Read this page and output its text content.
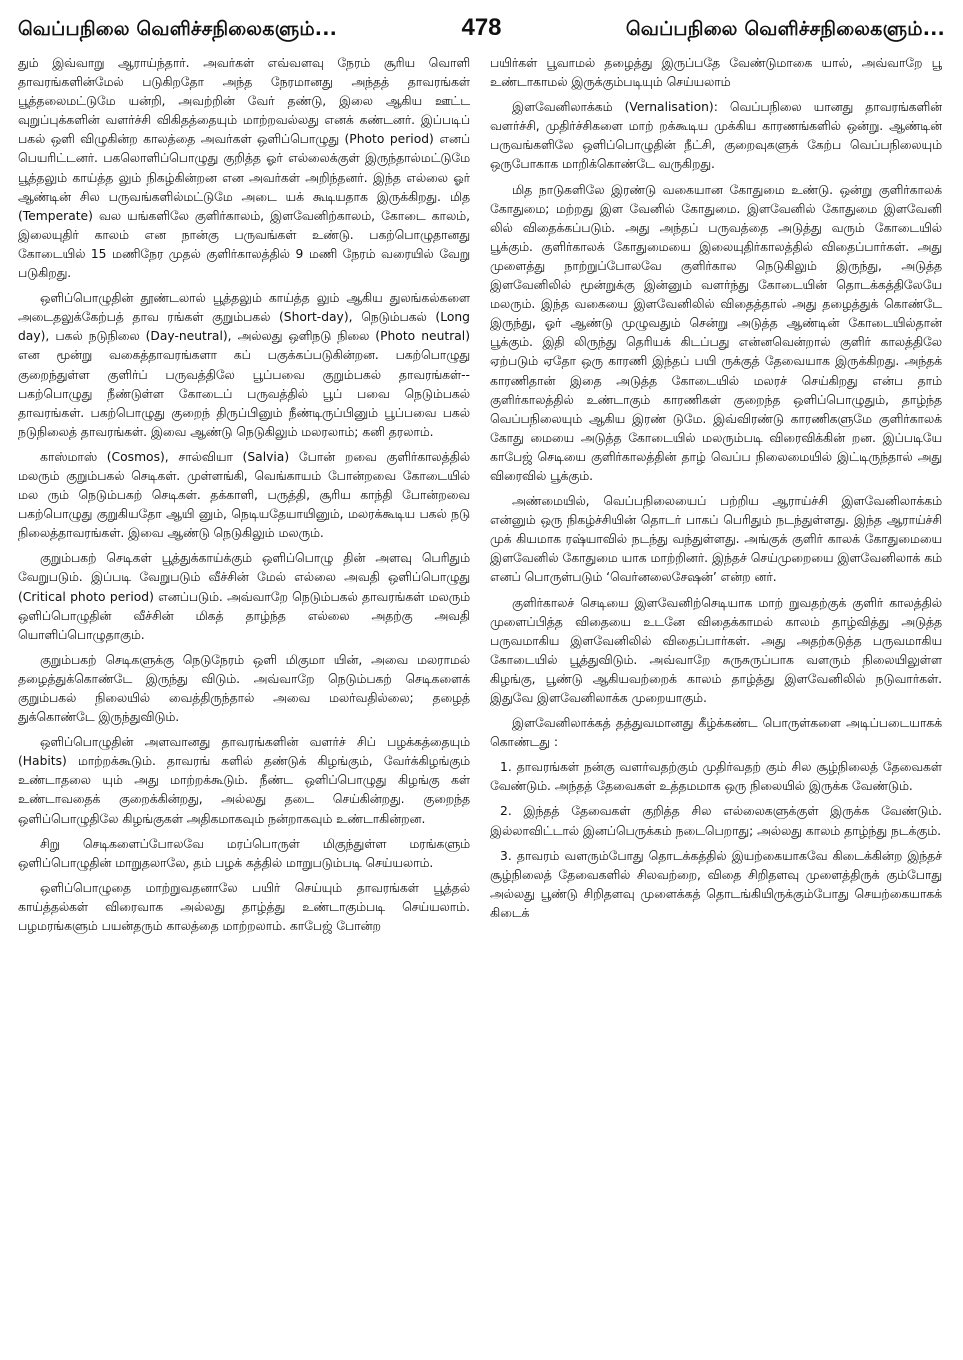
வெப்பநிலை வெளிச்சநிலைகளும்...	478	வெப்பநிலை வெளிச்சநிலைகளும்...

தும் இவ்வாறு ஆராய்ந்தார். அவர்கள் எவ்வளவு நேரம் சூரிய வொளி தாவரங்களின்மேல் படுகிறதோ அந்த நேரமானது அந்தத் தாவரங்கள் பூத்தலைமட்டுமே யன்றி, அவற்றின் வேர் தண்டு, இலை ஆகிய ஊட்ட வுறுப்புக்களின் வளர்ச்சி விகிதத்தையும் மாற்றவல்லது எனக் கண்டனர். இப்படிப் பகல் ஒளி விழுகின்ற காலத்தை அவர்கள் ஒளிப்பொழுது (Photo period) எனப் பெயரிட்டனர். பகலொளிப்பொழுது குறித்த ஓர் எல்லைக்குள் இருந்தால்மட்டுமே பூத்தலும் காய்த்த லும் நிகழ்கின்றன என அவர்கள் அறிந்தனர். இந்த எல்லை ஓர் ஆண்டின் சில பருவங்களில்மட்டுமே அடை யக் கூடியதாக இருக்கிறது. மித (Temperate) வல யங்களிலே குளிர்காலம், இளவேனிற்காலம், கோடை காலம், இலையுதிர் காலம் என நான்கு பருவங்கள் உண்டு. பகற்பொழுதானது கோடையில் 15 மணிநேர முதல் குளிர்காலத்தில் 9 மணி நேரம் வரையில் வேறு படுகிறது.

ஒளிப்பொழுதின் தூண்டலால் பூத்தலும் காய்த்த லும் ஆகிய துலங்கல்களை அடைதலுக்கேற்பத் தாவ ரங்கள் குறும்பகல் (Short-day), நெடும்பகல் (Long day), பகல் நடுநிலை (Day-neutral), அல்லது ஒளிநடு நிலை (Photo neutral) என மூன்று வகைத்தாவரங்களா கப் பகுக்கப்படுகின்றன. பகற்பொழுது குறைந்துள்ள குளிர்ப் பருவத்திலே பூப்பவை குறும்பகல் தாவரங்கள்-- பகற்பொழுது நீண்டுள்ள கோடைப் பருவத்தில் பூப் பவை நெடும்பகல் தாவரங்கள். பகற்பொழுது குறைந் திருப்பினும் நீண்டிருப்பினும் பூப்பவை பகல் நடுநிலைத் தாவரங்கள். இவை ஆண்டு நெடுகிலும் மலரலாம்; கனி தரலாம்.

காஸ்மாஸ் (Cosmos), சால்வியா (Salvia) போன் றவை குளிர்காலத்தில் மலரும் குறும்பகல் செடிகள். முள்ளங்கி, வெங்காயம் போன்றவை கோடையில் மல ரும் நெடும்பகற் செடிகள். தக்காளி, பருத்தி, சூரிய காந்தி போன்றவை பகற்பொழுது குறுகியதோ ஆயி னும், நெடியதேயாயினும், மலரக்கூடிய பகல் நடு நிலைத்தாவரங்கள். இவை ஆண்டு நெடுகிலும் மலரும்.

குறும்பகற் செடிகள் பூத்துக்காய்க்கும் ஒளிப்பொழு தின் அளவு பெரிதும் வேறுபடும். இப்படி வேறுபடும் வீச்சின் மேல் எல்லை அவதி ஒளிப்பொழுது (Critical photo period) எனப்படும். அவ்வாறே நெடும்பகல் தாவரங்கள் மலரும் ஒளிப்பொழுதின் வீச்சின் மிகத் தாழ்ந்த எல்லை அதற்கு அவதி யொளிப்பொழுதாகும்.

குறும்பகற் செடிகளுக்கு நெடுநேரம் ஒளி மிகுமா யின், அவை மலராமல் தழைத்துக்கொண்டே இருந்து விடும். அவ்வாறே நெடும்பகற் செடிகளைக் குறும்பகல் நிலையில் வைத்திருந்தால் அவை மலர்வதில்லை; தழைத் துக்கொண்டே இருந்துவிடும்.

ஒளிப்பொழுதின் அளவானது தாவரங்களின் வளர்ச் சிப் பழக்கத்தையும் (Habits) மாற்றக்கூடும். தாவரங் களில் தண்டுக் கிழங்கும், வேர்க்கிழங்கும் உண்டாதலை யும் அது மாற்றக்கூடும். நீண்ட ஒளிப்பொழுது கிழங்கு கள் உண்டாவதைக் குறைக்கின்றது, அல்லது தடை செய்கின்றது. குறைந்த ஒளிப்பொழுதிலே கிழங்குகள் அதிகமாகவும் நன்றாகவும் உண்டாகின்றன.

சிறு செடிகளைப்போலவே மரப்பொருள் மிகுந்துள்ள மரங்களும் ஒளிப்பொழுதின் மாறுதலாலே, தம் பழக் கத்தில் மாறுபடும்படி செய்யலாம்.

ஒளிப்பொழுதை மாற்றுவதனாலே பயிர் செய்யும் தாவரங்கள் பூத்தல் காய்த்தல்கள் விரைவாக அல்லது தாழ்த்து உண்டாகும்படி செய்யலாம். பழமரங்களும் பயன்தரும் காலத்தை மாற்றலாம். காபேஜ் போன்ற

பயிர்கள் பூவாமல் தழைத்து இருப்பதே வேண்டுமாகை யால், அவ்வாறே பூ உண்டாகாமல் இருக்கும்படியும் செய்யலாம்

இளவேனிலாக்கம் (Vernalisation): வெப்பநிலை யானது தாவரங்களின் வளர்ச்சி, முதிர்ச்சிகளை மாற் றக்கூடிய முக்கிய காரணங்களில் ஒன்று. ஆண்டின் பருவங்களிலே ஒளிப்பொழுதின் நீட்சி, குறைவுகளுக் கேற்ப வெப்பநிலையும் ஒருபோகாக மாறிக்கொண்டே வருகிறது.

மித நாடுகளிலே இரண்டு வகையான கோதுமை உண்டு. ஒன்று குளிர்காலக் கோதுமை; மற்றது இள வேனில் கோதுமை. இளவேனில் கோதுமை இளவேனி லில் விதைக்கப்படும். அது அந்தப் பருவத்தை அடுத்து வரும் கோடையில் பூக்கும். குளிர்காலக் கோதுமையை இலையுதிர்காலத்தில் விதைப்பார்கள். அது முளைத்து நாற்றுப்போலவே குளிர்கால நெடுகிலும் இருந்து, அடுத்த இளவேனிலில் மூன்றுக்கு இன்னும் வளர்ந்து கோடையின் தொடக்கத்திலேயே மலரும். இந்த வகையை இளவேனிலில் விதைத்தால் அது தழைத்துக் கொண்டே இருந்து, ஓர் ஆண்டு முழுவதும் சென்று அடுத்த ஆண்டின் கோடையில்தான் பூக்கும். இதி லிருந்து தெரியக் கிடப்பது என்னவென்றால் குளிர் காலத்திலே ஏற்படும் ஏதோ ஒரு காரணி இந்தப் பயி ருக்குத் தேவையாக இருக்கிறது. அந்தக் காரணிதான் இதை அடுத்த கோடையில் மலரச் செய்கிறது என்ப தாம் குளிர்காலத்தில் உண்டாகும் காரணிகள் குறைந்த ஒளிப்பொழுதும், தாழ்ந்த வெப்பநிலையும் ஆகிய இரண் டுமே. இவ்விரண்டு காரணிகளுமே குளிர்காலக் கோது மையை அடுத்த கோடையில் மலரும்படி விரைவிக்கின் றன. இப்படியே காபேஜ் செடியை குளிர்காலத்தின் தாழ் வெப்ப நிலைமையில் இட்டிருந்தால் அது விரைவில் பூக்கும்.

அண்மையில், வெப்பநிலையைப் பற்றிய ஆராய்ச்சி இளவேனிலாக்கம் என்னும் ஒரு நிகழ்ச்சியின் தொடர் பாகப் பெரிதும் நடந்துள்ளது. இந்த ஆராய்ச்சி முக் கியமாக ரஷ்யாவில் நடந்து வந்துள்ளது. அங்குக் குளிர் காலக் கோதுமையை இளவேனில் கோதுமை யாக மாற்றினர். இந்தச் செய்முறையை இளவேனிலாக் கம் எனப் பொருள்படும் ‘வெர்னலைசேஷன்’ என்ற னர்.

குளிர்காலச் செடியை இளவேனிற்செடியாக மாற் றுவதற்குக் குளிர் காலத்தில் முளைப்பித்த விதையை உடனே விதைக்காமல் காலம் தாழ்வித்து அடுத்த பருவமாகிய இளவேனிலில் விதைப்பார்கள். அது அதற்கடுத்த பருவமாகிய கோடையில் பூத்துவிடும். அவ்வாறே சுருசுருப்பாக வளரும் நிலையிலுள்ள கிழங்கு, பூண்டு ஆகியவற்றைக் காலம் தாழ்த்து இளவேனிலில் நடுவார்கள். இதுவே இளவேனிலாக்க முறையாகும்.

இளவேனிலாக்கத் தத்துவமானது கீழ்க்கண்ட பொருள்களை அடிப்படையாகக் கொண்டது :

1. தாவரங்கள் நன்கு வளர்வதற்கும் முதிர்வதற் கும் சில சூழ்நிலைத் தேவைகள் வேண்டும். அந்தத் தேவைகள் உத்தமமாக ஒரு நிலையில் இருக்க வேண்டும்.

2. இந்தத் தேவைகள் குறித்த சில எல்லைகளுக்குள் இருக்க வேண்டும். இல்லாவிட்டால் இனப்பெருக்கம் நடைபெறாது; அல்லது காலம் தாழ்ந்து நடக்கும்.

3. தாவரம் வளரும்போது தொடக்கத்தில் இயற்கையாகவே கிடைக்கின்ற இந்தச் சூழ்நிலைத் தேவைகளில் சிலவற்றை, விதை சிறிதளவு முளைத்திருக் கும்போது அல்லது பூண்டு சிறிதளவு முளைக்கத் தொடங்கியிருக்கும்போது செயற்கையாகக் கிடைக்
